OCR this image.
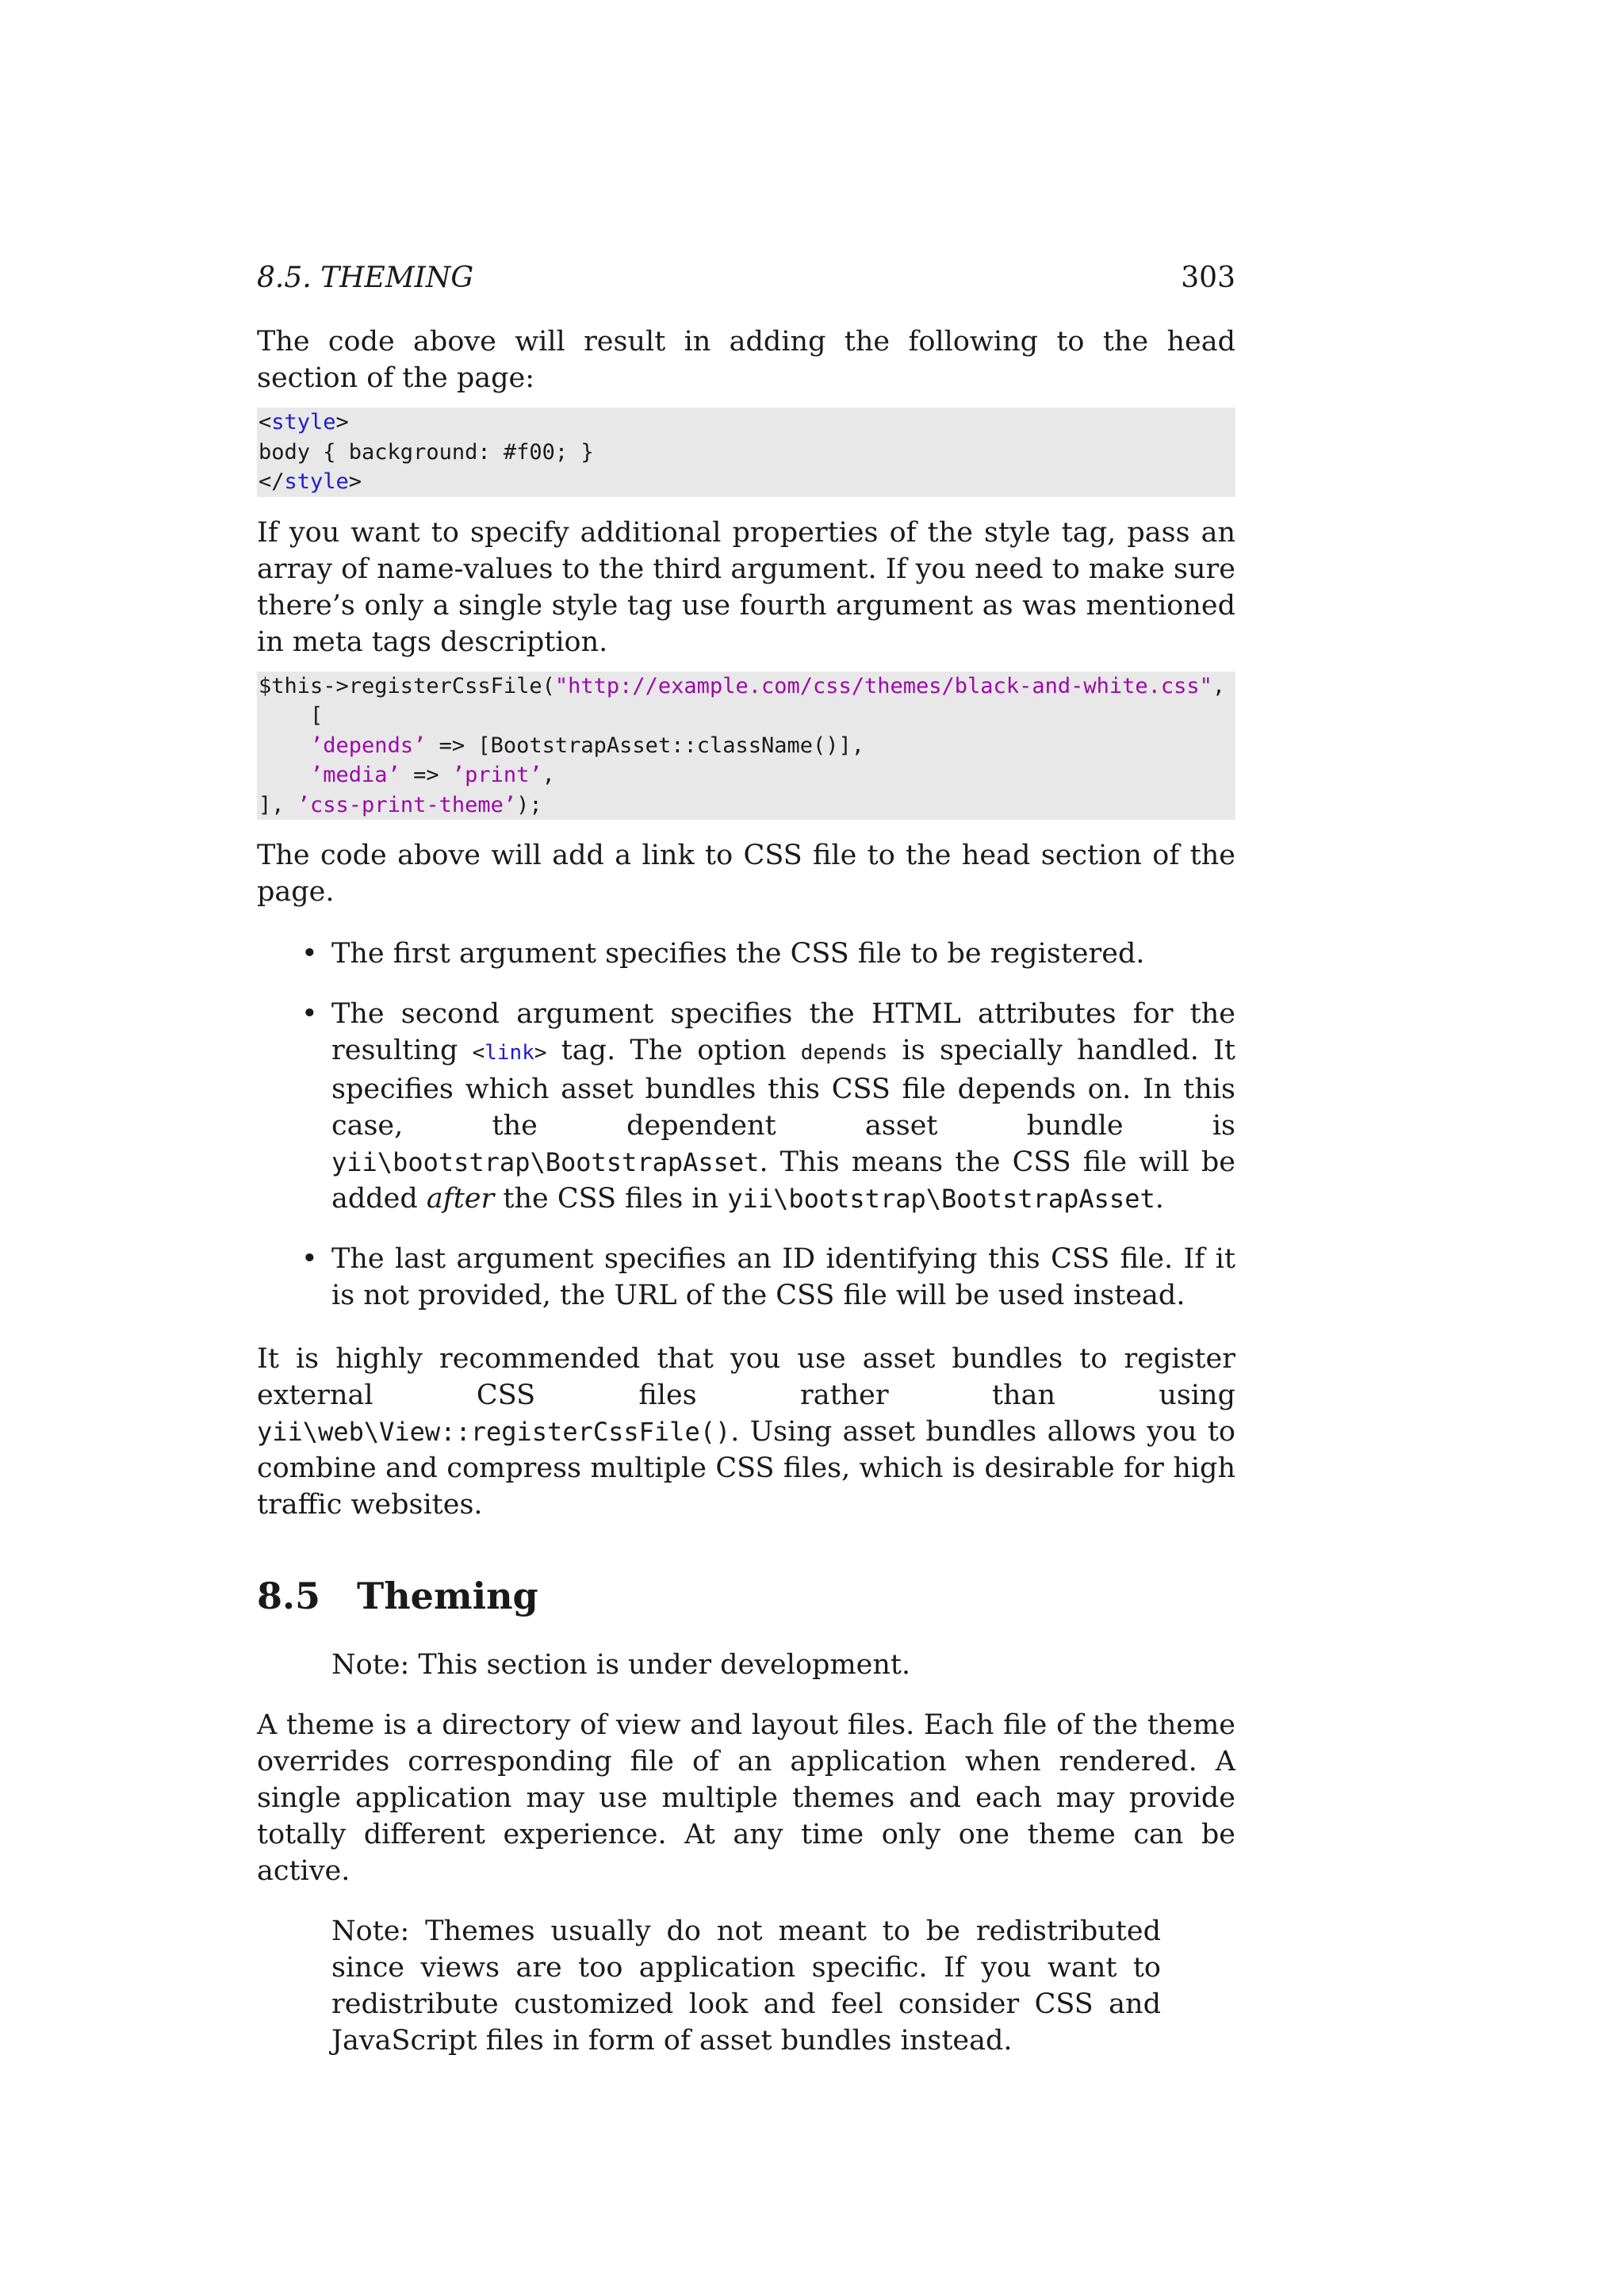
8.5. THEMING	303

The code above will result in adding the following to the head section of the page:

<style>
body { background: #f00; }
</style>

If you want to specify additional properties of the style tag, pass an array of name-values to the third argument. If you need to make sure there’s only a single style tag use fourth argument as was mentioned in meta tags description.

$this->registerCssFile("http://example.com/css/themes/black-and-white.css",
[
’depends’ => [BootstrapAsset::className()],
’media’ => ’print’,
], ’css-print-theme’);

The code above will add a link to CSS file to the head section of the page.

• The first argument specifies the CSS file to be registered.
• The second argument specifies the HTML attributes for the resulting <link> tag. The option depends is specially handled. It specifies which asset bundles this CSS file depends on. In this case, the dependent asset bundle is yii\bootstrap\BootstrapAsset. This means the CSS file will be added after the CSS files in yii\bootstrap\BootstrapAsset.
• The last argument specifies an ID identifying this CSS file. If it is not provided, the URL of the CSS file will be used instead.

It is highly recommended that you use asset bundles to register external CSS files rather than using yii\web\View::registerCssFile(). Using asset bundles allows you to combine and compress multiple CSS files, which is desirable for high traffic websites.

8.5 Theming

Note: This section is under development.

A theme is a directory of view and layout files. Each file of the theme overrides corresponding file of an application when rendered. A single application may use multiple themes and each may provide totally different experience. At any time only one theme can be active.

Note: Themes usually do not meant to be redistributed since views are too application specific. If you want to redistribute customized look and feel consider CSS and JavaScript files in form of asset bundles instead.
